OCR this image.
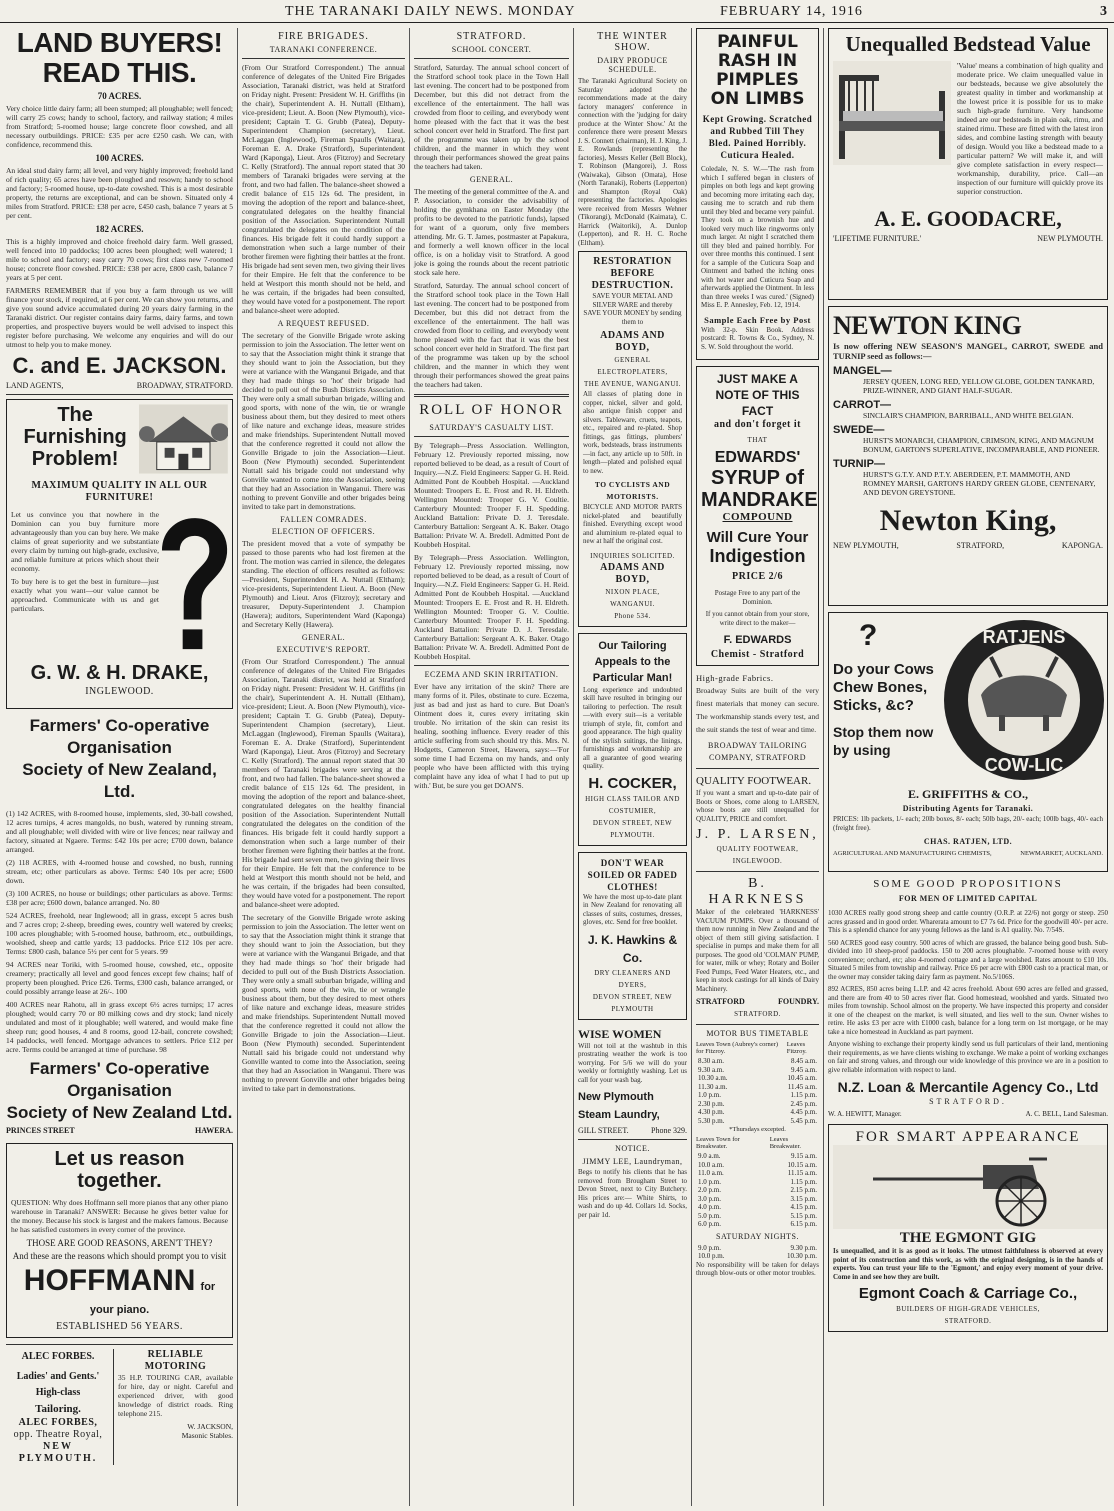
THE TARANAKI DAILY NEWS. MONDAY	FEBRUARY 14, 1916	3
LAND BUYERS! READ THIS.
70 ACRES.

Very choice little dairy farm; all been stumped; all ploughable; well fenced; will carry 25 cows; handy to school, factory, and railway station; 4 miles from Stratford; 5-roomed house; large concrete floor cowshed, and all necessary outbuildings. PRICE: £35 per acre £250 cash. We can, with confidence, recommend this.

100 ACRES.

An ideal stud dairy farm; all level, and very highly improved; freehold land of rich quality; 65 acres have been ploughed and resown; handy to school and factory; 5-roomed house, up-to-date cowshed. This is a most desirable property, the returns are exceptional, and can be shown. Situated only 4 miles from Stratford. PRICE: £38 per acre, £450 cash, balance 7 years at 5 per cent.

182 ACRES.

This is a highly improved and choice freehold dairy farm. Well grassed, well fenced into 10 paddocks; 100 acres been ploughed; well watered; 1 mile to school and factory; easy carry 70 cows; first class new 7-roomed house; concrete floor cowshed. PRICE: £38 per acre, £800 cash, balance 7 years at 5 per cent.

FARMERS REMEMBER that if you buy a farm through us we will finance your stock, if required, at 6 per cent. We can show you returns, and give you sound advice accumulated during 20 years dairy farming in the Taranaki district. Our register contains dairy farms, dairy farms, and town properties, and prospective buyers would be well advised to inspect this register before purchasing. We welcome any enquiries and will do our utmost to help you to make money.

C. and E. JACKSON.
LAND AGENTS,	BROADWAY, STRATFORD.
The Furnishing Problem!
MAXIMUM QUALITY IN ALL OUR FURNITURE!

Let us convince you that nowhere in the Dominion can you buy furniture more advantageously than you can buy here. We make claims of great superiority and we substantiate every claim by turning out high-grade, exclusive, and reliable furniture at prices which shout their economy.

To buy here is to get the best in furniture—just exactly what you want—our value cannot be approached. Communicate with us and get particulars.

G. W. & H. DRAKE,
INGLEWOOD.
Farmers' Co-operative Organisation
Society of New Zealand, Ltd.

(1) 142 ACRES, with 8-roomed house, implements, sled, 30-ball cowshed, 12 acres turnips, 4 acres mangolds, no bush, watered by running stream, and all ploughable; well divided with wire or live fences; near railway and factory, situated at Ngaere. Terms: £42 10s per acre; £700 down, balance arranged.

(2) 118 ACRES, with 4-roomed house and cowshed, no bush, running stream, etc; other particulars as above. Terms: £40 10s per acre; £600 down.

(3) 100 ACRES, no house or buildings; other particulars as above. Terms: £38 per acre; £600 down, balance arranged. No. 80

524 ACRES, freehold, near Inglewood; all in grass, except 5 acres bush and 7 acres crop; 2-sheep, breeding ewes, country well watered by creeks; 100 acres ploughable; with 5-roomed house, bathroom, etc., outbuildings, woolshed, sheep and cattle yards; 13 paddocks. Price £12 10s per acre. Terms: £800 cash, balance 5½ per cent for 5 years. 99

94 ACRES near Toriki, with 5-roomed house, cowshed, etc., opposite creamery; practically all level and good fences except few chains; half of property been ploughed. Price £26. Terms, £300 cash, balance arranged, or could possibly arrange lease at 26/-. 100

400 ACRES near Rahotu, all in grass except 6½ acres turnips; 17 acres ploughed; would carry 70 or 80 milking cows and dry stock; land nicely undulated and most of it ploughable; well watered, and would make fine sheep run; good houses, 4 and 8 rooms, good 12-bail, concrete cowshed; 14 paddocks, well fenced. Mortgage advances to settlers. Price £12 per acre. Terms could be arranged at time of purchase. 98

Farmers' Co-operative Organisation
Society of New Zealand Ltd.
PRINCES STREET	HAWERA.
Let us reason together.

QUESTION: Why does Hoffmann sell more pianos that any other piano warehouse in Taranaki? ANSWER: Because he gives better value for the money. Because his stock is largest and the makers famous. Because he has satisfied customers in every corner of the province.

THOSE ARE GOOD REASONS, AREN'T THEY?
And these are the reasons which should prompt you to visit
HOFFMANN for your piano.
ESTABLISHED 56 YEARS.
ALEC FORBES.
Ladies' and Gents.' High-class
Tailoring.
ALEC FORBES,
opp. Theatre Royal,
NEW PLYMOUTH.
RELIABLE MOTORING

35 H.P. TOURING CAR, available for hire, day or night. Careful and experienced driver, with good knowledge of district roads. Ring telephone 215.

W. JACKSON,
Masonic Stables.
FIRE BRIGADES.
TARANAKI CONFERENCE.

(From Our Stratford Correspondent.) The annual conference of delegates of the United Fire Brigades Association, Taranaki district, was held at Stratford on Friday night. Present: President W. H. Griffiths (in the chair), Superintendent A. H. Nuttall (Eltham), vice-president; Lieut. A. Boon (New Plymouth), vice-president; Captain T. G. Grubb (Patea), Deputy-Superintendent Champion (secretary), Lieut. McLaggan (Inglewood), Fireman Spaulls (Waitara), Foreman E. A. Drake (Stratford), Superintendent Ward (Kaponga), Lieut. Aros (Fitzroy) and Secretary C. Kelly (Stratford). The annual report stated that 30 members of Taranaki brigades were serving at the front, and two had fallen. The balance-sheet showed a credit balance of £15 12s 6d. The president, in moving the adoption of the report and balance-sheet, congratulated delegates on the healthy financial position of the Association. Superintendent Nuttall congratulated the delegates on the condition of the finances. His brigade felt it could hardly support a demonstration when such a large number of their brother firemen were fighting their battles at the front. His brigade had sent seven men, two giving their lives for their Empire. He felt that the conference to be held at Westport this month should not be held, and he was certain, if the brigades had been consulted, they would have voted for a postponement. The report and balance-sheet were adopted.

A REQUEST REFUSED.

The secretary of the Gonville Brigade wrote asking permission to join the Association. The letter went on to say that the Association might think it strange that they should want to join the Association, but they were at variance with the Wanganui Brigade, and that they had made things so 'hot' their brigade had decided to pull out of the Bush Districts Association. They were only a small suburban brigade, willing and good sports, with none of the win, tie or wrangle business about them, but they desired to meet others of like nature and exchange ideas, measure strides and make friendships. Superintendent Nuttall moved that the conference regretted it could not allow the Gonville Brigade to join the Association—Lieut. Boon (New Plymouth) seconded. Superintendent Nuttall said his brigade could not understand why Gonville wanted to come into the Association, seeing that they had an Association in Wanganui. There was nothing to prevent Gonville and other brigades being invited to take part in demonstrations.

FALLEN COMRADES.
ELECTION OF OFFICERS.

The president moved that a vote of sympathy be passed to those parents who had lost firemen at the front. The motion was carried in silence, the delegates standing. The election of officers resulted as follows:—President, Superintendent H. A. Nuttall (Eltham); vice-presidents, Superintendent Lieut. A. Boon (New Plymouth) and Lieut. Aros (Fitzroy); secretary and treasurer, Deputy-Superintendent J. Champion (Hawera); auditors, Superintendent Ward (Kaponga) and Secretary Kelly (Hawera).

GENERAL.
EXECUTIVE'S REPORT.

(From Our Stratford Correspondent.) The annual conference of delegates of the United Fire Brigades Association, Taranaki district, was held at Stratford on Friday night. Present: President W. H. Griffiths (in the chair), Superintendent A. H. Nuttall (Eltham), vice-president; Lieut. A. Boon (New Plymouth), vice-president; Captain T. G. Grubb (Patea), Deputy-Superintendent Champion (secretary), Lieut. McLaggan (Inglewood), Fireman Spaulls (Waitara), Foreman E. A. Drake (Stratford), Superintendent Ward (Kaponga), Lieut. Aros (Fitzroy) and Secretary C. Kelly (Stratford). The annual report stated that 30 members of Taranaki brigades were serving at the front, and two had fallen. The balance-sheet showed a credit balance of £15 12s 6d. The president, in moving the adoption of the report and balance-sheet, congratulated delegates on the healthy financial position of the Association. Superintendent Nuttall congratulated the delegates on the condition of the finances. His brigade felt it could hardly support a demonstration when such a large number of their brother firemen were fighting their battles at the front. His brigade had sent seven men, two giving their lives for their Empire. He felt that the conference to be held at Westport this month should not be held, and he was certain, if the brigades had been consulted, they would have voted for a postponement. The report and balance-sheet were adopted.

The secretary of the Gonville Brigade wrote asking permission to join the Association. The letter went on to say that the Association might think it strange that they should want to join the Association, but they were at variance with the Wanganui Brigade, and that they had made things so 'hot' their brigade had decided to pull out of the Bush Districts Association. They were only a small suburban brigade, willing and good sports, with none of the win, tie or wrangle business about them, but they desired to meet others of like nature and exchange ideas, measure strides and make friendships. Superintendent Nuttall moved that the conference regretted it could not allow the Gonville Brigade to join the Association—Lieut. Boon (New Plymouth) seconded. Superintendent Nuttall said his brigade could not understand why Gonville wanted to come into the Association, seeing that they had an Association in Wanganui. There was nothing to prevent Gonville and other brigades being invited to take part in demonstrations.

STRATFORD.
SCHOOL CONCERT.

Stratford, Saturday. The annual school concert of the Stratford school took place in the Town Hall last evening. The concert had to be postponed from December, but this did not detract from the excellence of the entertainment. The hall was crowded from floor to ceiling, and everybody went home pleased with the fact that it was the best school concert ever held in Stratford. The first part of the programme was taken up by the school children, and the manner in which they went through their performances showed the great pains the teachers had taken.

GENERAL.

The meeting of the general committee of the A. and P. Association, to consider the advisability of holding the gymkhana on Easter Monday (the profits to be devoted to the patriotic funds), lapsed for want of a quorum, only five members attending. Mr. G. T. James, postmaster at Papakura, and formerly a well known officer in the local office, is on a holiday visit to Stratford. A good joke is going the rounds about the recent patriotic stock sale here.

Stratford, Saturday. The annual school concert of the Stratford school took place in the Town Hall last evening. The concert had to be postponed from December, but this did not detract from the excellence of the entertainment. The hall was crowded from floor to ceiling, and everybody went home pleased with the fact that it was the best school concert ever held in Stratford. The first part of the programme was taken up by the school children, and the manner in which they went through their performances showed the great pains the teachers had taken.

ROLL OF HONOR
SATURDAY'S CASUALTY LIST.

By Telegraph—Press Association. Wellington, February 12. Previously reported missing, now reported believed to be dead, as a result of Court of Inquiry.—N.Z. Field Engineers: Sapper G. H. Reid. Admitted Pont de Koubbeh Hospital. —Auckland Mounted: Troopers E. E. Frost and R. H. Eldreth. Wellington Mounted: Trooper G. V. Coultie. Canterbury Mounted: Trooper F. H. Spedding. Auckland Battalion: Private D. J. Teresdale. Canterbury Battalion: Sergeant A. K. Baker. Otago Battalion: Private W. A. Bredell. Admitted Pont de Koubbeh Hospital.

By Telegraph—Press Association. Wellington, February 12. Previously reported missing, now reported believed to be dead, as a result of Court of Inquiry.—N.Z. Field Engineers: Sapper G. H. Reid. Admitted Pont de Koubbeh Hospital. —Auckland Mounted: Troopers E. E. Frost and R. H. Eldreth. Wellington Mounted: Trooper G. V. Coultie. Canterbury Mounted: Trooper F. H. Spedding. Auckland Battalion: Private D. J. Teresdale. Canterbury Battalion: Sergeant A. K. Baker. Otago Battalion: Private W. A. Bredell. Admitted Pont de Koubbeh Hospital.

ECZEMA AND SKIN IRRITATION.

Ever have any irritation of the skin? There are many forms of it. Piles, obstinate to cure. Eczema, just as bad and just as hard to cure. But Doan's Ointment does it, cures every irritating skin trouble. No irritation of the skin can resist its healing, soothing influence. Every reader of this article suffering from such should try this. Mrs. N. Hodgetts, Cameron Street, Hawera, says:—'For some time I had Eczema on my hands, and only people who have been afflicted with this trying complaint have any idea of what I had to put up with.' But, be sure you get DOAN'S.

THE WINTER SHOW.
DAIRY PRODUCE SCHEDULE.

The Taranaki Agricultural Society on Saturday adopted the recommendations made at the dairy factory managers' conference in connection with the 'judging for dairy produce at the Winter Show.' At the conference there were present Messrs J. S. Connett (chairman), H. J. King, J. E. Rowlands (representing the factories), Messrs Keller (Bell Block), T. Robinson (Mangorei), J. Ross (Waiwaka), Gibson (Omata), Hose (North Taranaki), Roberts (Lepperton) and Shampton (Royal Oak) representing the factories. Apologies were received from Messrs Wehner (Tikorangi), McDonald (Kaimata), C. Harrick (Waitoriki), A. Dunlop (Lepperton), and R. H. C. Roche (Eltham).

RESTORATION BEFORE DESTRUCTION.

SAVE YOUR METAL AND SILVER WARE and thereby SAVE YOUR MONEY by sending them to

ADAMS AND BOYD,
GENERAL ELECTROPLATERS,
THE AVENUE, WANGANUI.

All classes of plating done in copper, nickel, silver and gold, also antique finish copper and silvers. Tableware, cruets, teapots, etc., repaired and re-plated. Shop fittings, gas fittings, plumbers' work, bedsteads, brass instruments—in fact, any article up to 50ft. in length—plated and polished equal to new.

TO CYCLISTS AND MOTORISTS.

BICYCLE AND MOTOR PARTS nickel-plated and beautifully finished. Everything except wood and aluminium re-plated equal to new at half the original cost.

INQUIRIES SOLICITED.
ADAMS AND BOYD,
NIXON PLACE, WANGANUI.
Phone 534.
Our Tailoring Appeals to the Particular Man!

Long experience and undoubted skill have resulted in bringing our tailoring to perfection. The result—with every suit—is a veritable triumph of style, fit, comfort and good appearance. The high quality of the stylish suitings, the linings, furnishings and workmanship are all a guarantee of good wearing quality.

H. COCKER,
HIGH CLASS TAILOR AND COSTUMIER,
DEVON STREET, NEW PLYMOUTH.
DON'T WEAR SOILED OR FADED CLOTHES!

We have the most up-to-date plant in New Zealand for renovating all classes of suits, costumes, dresses, gloves, etc. Send for free booklet.

J. K. Hawkins & Co.
DRY CLEANERS AND DYERS,
DEVON STREET, NEW PLYMOUTH
WISE WOMEN

Will not toil at the washtub in this prostrating weather the work is too worrying. For 5/6 we will do your weekly or fortnightly washing. Let us call for your wash bag.

New Plymouth Steam Laundry,
GILL STREET.	Phone 329.
NOTICE.
JIMMY LEE, Laundryman,

Begs to notify his clients that he has removed from Brougham Street to Devon Street, next to City Butchery. His prices are:— White Shirts, to wash and do up 4d. Collars 1d. Socks, per pair 1d.

PAINFUL RASH IN PIMPLES ON LIMBS
Kept Growing. Scratched and Rubbed Till They Bled. Pained Horribly. Cuticura Healed.

Coledale, N. S. W.—'The rash from which I suffered began in clusters of pimples on both legs and kept growing and becoming more irritating each day, causing me to scratch and rub them until they bled and became very painful. They took on a brownish hue and looked very much like ringworms only much larger. At night I scratched them till they bled and pained horribly. For over three months this continued. I sent for a sample of the Cuticura Soap and Ointment and bathed the itching ones with hot water and Cuticura Soap and afterwards applied the Ointment. In less than three weeks I was cured.' (Signed) Miss E. P. Annesley, Feb. 12, 1914.

Sample Each Free by Post

With 32-p. Skin Book. Address postcard: R. Towns & Co., Sydney, N. S. W. Sold throughout the world.

JUST MAKE A NOTE OF THIS FACT
and don't forget it
THAT
EDWARDS'
SYRUP of
MANDRAKE
COMPOUND
Will Cure Your
Indigestion
PRICE 2/6

Postage Free to any part of the Dominion.

If you cannot obtain from your store, write direct to the maker—

F. EDWARDS
Chemist - Stratford
High-grade Fabrics.

Broadway Suits are built of the very finest materials that money can secure. The workmanship stands every test, and the suit stands the test of wear and time.

BROADWAY TAILORING COMPANY, STRATFORD
QUALITY FOOTWEAR.

If you want a smart and up-to-date pair of Boots or Shoes, come along to LARSEN, whose boots are still unequalled for QUALITY, PRICE and comfort.

J. P. LARSEN,
QUALITY FOOTWEAR, INGLEWOOD.
B. HARKNESS

Maker of the celebrated 'HARKNESS' VACUUM PUMPS. Over a thousand of them now running in New Zealand and the object of them still giving satisfaction. I specialise in pumps and make them for all purposes. The good old 'COLMAN' PUMP, for water, milk or whey; Rotary and Boiler Feed Pumps, Feed Water Heaters, etc., and keep in stock castings for all kinds of Dairy Machinery.

STRATFORD	FOUNDRY.
STRATFORD.
MOTOR BUS TIMETABLE
Leaves Town (Aubrey's corner) for Fitzroy.
Leaves Fitzroy.
8.30 a.m.	8.45 a.m.
9.30 a.m.	9.45 a.m.
10.30 a.m.	10.45 a.m.
11.30 a.m.	11.45 a.m.
1.0 p.m.	1.15 p.m.
2.30 p.m.	2.45 p.m.
4.30 p.m.	4.45 p.m.
5.30 p.m.	5.45 p.m.
*Thursdays excepted.
Leaves Town for Breakwater.
Leaves Breakwater.
9.0 a.m.	9.15 a.m.
10.0 a.m.	10.15 a.m.
11.0 a.m.	11.15 a.m.
1.0 p.m.	1.15 p.m.
2.0 p.m.	2.15 p.m.
3.0 p.m.	3.15 p.m.
4.0 p.m.	4.15 p.m.
5.0 p.m.	5.15 p.m.
6.0 p.m.	6.15 p.m.
SATURDAY NIGHTS.
9.0 p.m.	9.30 p.m.
10.0 p.m.	10.30 p.m.

No responsibility will be taken for delays through blow-outs or other motor troubles.

Unequalled Bedstead Value

'Value' means a combination of high quality and moderate price. We claim unequalled value in our bedsteads, because we give absolutely the greatest quality in timber and workmanship at the lowest price it is possible for us to make such high-grade furniture. Very handsome indeed are our bedsteads in plain oak, rimu, and stained rimu. These are fitted with the latest iron sides, and combine lasting strength with beauty of design. Would you like a bedstead made to a particular pattern? We will make it, and will give complete satisfaction in every respect—workmanship, durability, price. Call—an inspection of our furniture will quickly prove its superior construction.

A. E. GOODACRE,
'LIFETIME FURNITURE.'	NEW PLYMOUTH.
NEWTON KING

Is now offering NEW SEASON'S MANGEL, CARROT, SWEDE and TURNIP seed as follows:—

MANGEL—
JERSEY QUEEN, LONG RED, YELLOW GLOBE, GOLDEN TANKARD, PRIZE-WINNER, AND GIANT HALF-SUGAR.
CARROT—
SINCLAIR'S CHAMPION, BARRIBALL, AND WHITE BELGIAN.
SWEDE—
HURST'S MONARCH, CHAMPION, CRIMSON, KING, AND MAGNUM BONUM, GARTON'S SUPERLATIVE, INCOMPARABLE, AND PIONEER.
TURNIP—
HURST'S G.T.Y. AND P.T.Y. ABERDEEN, P.T. MAMMOTH, AND ROMNEY MARSH, GARTON'S HARDY GREEN GLOBE, CENTENARY, AND DEVON GREYSTONE.
Newton King,
NEW PLYMOUTH,	STRATFORD,	KAPONGA.
?
Do your Cows
Chew Bones,
Sticks, &c?
Stop them now
by using
RATJENS
COW-LIC
E. GRIFFITHS & CO.,
Distributing Agents for Taranaki.

PRICES: 1lb packets, 1/- each; 20lb boxes, 8/- each; 50lb bags, 20/- each; 100lb bags, 40/- each (freight free).

CHAS. RATJEN, LTD.
AGRICULTURAL AND MANUFACTURING CHEMISTS,	NEWMARKET, AUCKLAND.
SOME GOOD PROPOSITIONS
FOR MEN OF LIMITED CAPITAL

1030 ACRES really good strong sheep and cattle country (O.R.P. at 22/6) not gorgy or steep. 250 acres grassed and in good order. Wharerata amount to £7 7s 6d. Price for the goodwill 40/- per acre. This is a splendid chance for any young fellows as the land is A1 quality. No. 7/54S.

560 ACRES good easy country. 500 acres of which are grassed, the balance being good bush. Sub-divided into 10 sheep-proof paddocks. 150 to 200 acres ploughable. 7-roomed house with every convenience; orchard, etc; also 4-roomed cottage and a large woolshed. Rates amount to £10 10s. Situated 5 miles from township and railway. Price £6 per acre with £800 cash to a practical man, or the owner may consider taking dairy farm as payment. No.5/106S.

892 ACRES, 850 acres being L.I.P. and 42 acres freehold. About 690 acres are felled and grassed, and there are from 40 to 50 acres river flat. Good homestead, woolshed and yards. Situated two miles from township. School almost on the property. We have inspected this property and consider it one of the cheapest on the market, is well situated, and lies well to the sun. Owner wishes to retire. He asks £3 per acre with £1000 cash, balance for a long term on 1st mortgage, or he may take a nice homestead in Auckland as part payment.

Anyone wishing to exchange their property kindly send us full particulars of their land, mentioning their requirements, as we have clients wishing to exchange. We make a point of working exchanges on fair and strong values, and through our wide knowledge of this province we are in a position to give reliable information with respect to land.

N.Z. Loan & Mercantile Agency Co., Ltd
STRATFORD.
W. A. HEWITT, Manager.	A. C. BELL, Land Salesman.
FOR SMART APPEARANCE
THE EGMONT GIG

Is unequalled, and it is as good as it looks. The utmost faithfulness is observed at every point of its construction and this work, as with the original designing, is in the hands of experts. You can trust your life to the 'Egmont,' and enjoy every moment of your drive. Come in and see how they are built.

Egmont Coach & Carriage Co.,
BUILDERS OF HIGH-GRADE VEHICLES,
STRATFORD.
